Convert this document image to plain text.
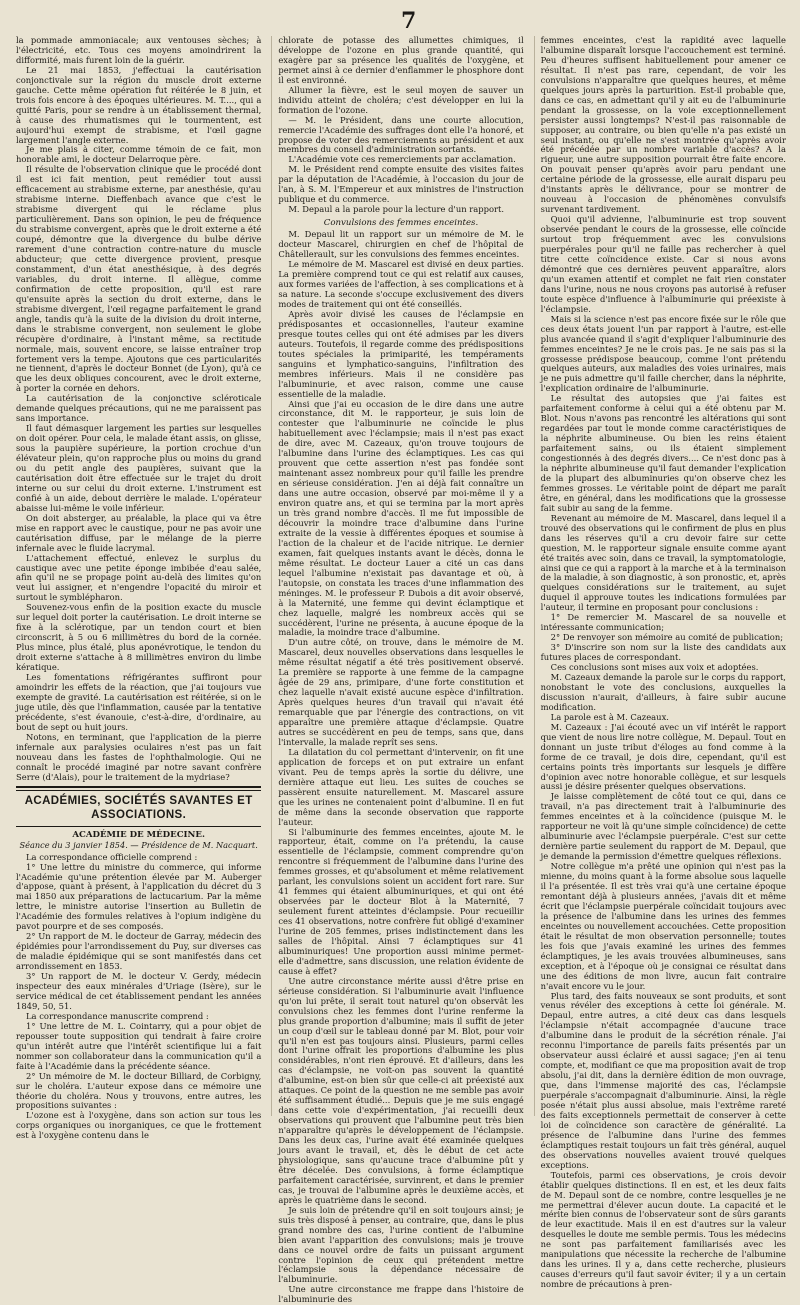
7

la pommade ammoniacale; aux ventouses sèches; à l'électricité, etc. Tous ces moyens amoindrirent la difformité, mais furent loin de la guérir.

Le 21 mai 1853, j'effectuai la cautérisation conjonctivale sur la région du muscle droit externe gauche. Cette même opération fut réitérée le 8 juin, et trois fois encore à des époques ultérieures. M. T...., qui a quitté Paris, pour se rendre à un établissement thermal, à cause des rhumatismes qui le tourmentent, est aujourd'hui exempt de strabisme, et l'œil gagne largement l'angle externe.

Je me plais à citer, comme témoin de ce fait, mon honorable ami, le docteur Delarroque père.

Il résulte de l'observation clinique que le procédé dont il est ici fait mention, peut remédier tout aussi efficacement au strabisme externe, par anesthésie, qu'au strabisme interne. Dieffenbach avance que c'est le strabisme divergent qui le réclame plus particulièrement. Dans son opinion, le peu de fréquence du strabisme convergent, après que le droit externe a été coupé, démontre que la divergence du bulbe dérive rarement d'une contraction contre-nature du muscle abducteur; que cette divergence provient, presque constamment, d'un état anesthésique, à des degrés variables, du droit interne. Il allègue, comme confirmation de cette proposition, qu'il est rare qu'ensuite après la section du droit externe, dans le strabisme divergent, l'œil regagne parfaitement le grand angle, tandis qu'à la suite de la division du droit interne, dans le strabisme convergent, non seulement le globe récupère d'ordinaire, à l'instant même, sa rectitude normale, mais, souvent encore, se laisse entraîner trop fortement vers la tempe. Ajoutons que ces particularités ne tiennent, d'après le docteur Bonnet (de Lyon), qu'à ce que les deux obliques concourent, avec le droit externe, à porter la cornée en dehors.

La cautérisation de la conjonctive scléroticale demande quelques précautions, qui ne me paraissent pas sans importance.

Il faut démasquer largement les parties sur lesquelles on doit opérer. Pour cela, le malade étant assis, on glisse, sous la paupière supérieure, la portion crochue d'un élévateur plein, qu'on rapproche plus ou moins du grand ou du petit angle des paupières, suivant que la cautérisation doit être effectuée sur le trajet du droit interne ou sur celui du droit externe. L'instrument est confié à un aide, debout derrière le malade. L'opérateur abaisse lui-même le voile inférieur.

On doit absterger, au préalable, la place qui va être mise en rapport avec le caustique, pour ne pas avoir une cautérisation diffuse, par le mélange de la pierre infernale avec le fluide lacrymal.

L'attachement effectué, enlevez le surplus du caustique avec une petite éponge imbibée d'eau salée, afin qu'il ne se propage point au-delà des limites qu'on veut lui assigner, et n'engendre l'opacité du miroir et surtout le symblépharon.

Souvenez-vous enfin de la position exacte du muscle sur lequel doit porter la cautérisation. Le droit interne se fixe à la sclérotique, par un tendon court et bien circonscrit, à 5 ou 6 millimètres du bord de la cornée. Plus mince, plus étalé, plus aponévrotique, le tendon du droit externe s'attache à 8 millimètres environ du limbe kératique.

Les fomentations réfrigérantes suffiront pour amoindrir les effets de la réaction, que j'ai toujours vue exempte de gravité. La cautérisation est réitérée, si on le juge utile, dès que l'inflammation, causée par la tentative précédente, s'est évanouie, c'est-à-dire, d'ordinaire, au bout de sept ou huit jours.

Notons, en terminant, que l'application de la pierre infernale aux paralysies oculaires n'est pas un fait nouveau dans les fastes de l'ophthalmologie. Qui ne connaît le procédé imaginé par notre savant confrère Serre (d'Alais), pour le traitement de la mydriase?

ACADÉMIES, SOCIÉTÉS SAVANTES ET ASSOCIATIONS.
ACADÉMIE DE MÉDECINE.
Séance du 3 janvier 1854. — Présidence de M. Nacquart.

La correspondance officielle comprend :

1° Une lettre du ministre du commerce, qui informe l'Académie qu'une prétention élevée par M. Auberger d'appose, quant à présent, à l'application du décret du 3 mai 1850 aux préparations de lactucarium. Par la même lettre, le ministre autorise l'insertion au Bulletin de l'Académie des formules relatives à l'opium indigène du pavot pourpre et de ses composés.

2° Un rapport de M. le docteur de Garray, médecin des épidémies pour l'arrondissement du Puy, sur diverses cas de maladie épidémique qui se sont manifestés dans cet arrondissement en 1853.

3° Un rapport de M. le docteur V. Gerdy, médecin inspecteur des eaux minérales d'Uriage (Isère), sur le service médical de cet établissement pendant les années 1849, 50, 51.

La correspondance manuscrite comprend :

1° Une lettre de M. L. Cointarry, qui a pour objet de repousser toute supposition qui tendrait à faire croire qu'un intérêt autre que l'intérêt scientifique lui a fait nommer son collaborateur dans la communication qu'il a faite à l'Académie dans la précédente séance.

2° Un mémoire de M. le docteur Billiard, de Corbigny, sur le choléra. L'auteur expose dans ce mémoire une théorie du choléra. Nous y trouvons, entre autres, les propositions suivantes :

L'ozone est à l'oxygène, dans son action sur tous les corps organiques ou inorganiques, ce que le frottement est à l'oxygène contenu dans le

chlorate de potasse des allumettes chimiques, il développe de l'ozone en plus grande quantité, qui exagère par sa présence les qualités de l'oxygène, et permet ainsi à ce dernier d'enflammer le phosphore dont il est environné.

Allumer la fièvre, est le seul moyen de sauver un individu atteint de choléra; c'est développer en lui la formation de l'ozone.

— M. le Président, dans une courte allocution, remercie l'Académie des suffrages dont elle l'a honoré, et propose de voter des remerciements au président et aux membres du conseil d'administration sortants.

L'Académie vote ces remerciements par acclamation.

M. le Président rend compte ensuite des visites faites par la députation de l'Académie, à l'occasion du jour de l'an, à S. M. l'Empereur et aux ministres de l'instruction publique et du commerce.

M. Depaul a la parole pour la lecture d'un rapport.

Convulsions des femmes enceintes.

M. Depaul lit un rapport sur un mémoire de M. le docteur Mascarel, chirurgien en chef de l'hôpital de Châtellerault, sur les convulsions des femmes enceintes.

Le mémoire de M. Mascarel est divisé en deux parties. La première comprend tout ce qui est relatif aux causes, aux formes variées de l'affection, à ses complications et à sa nature. La seconde s'occupe exclusivement des divers modes de traitement qui ont été conseillés.

Après avoir divisé les causes de l'éclampsie en prédisposantes et occasionnelles, l'auteur examine presque toutes celles qui ont été admises par les divers auteurs. Toutefois, il regarde comme des prédispositions toutes spéciales la primiparité, les tempéraments sanguins et lymphatico-sanguins, l'infiltration des membres inférieurs. Mais il ne considère pas l'albuminurie, et avec raison, comme une cause essentielle de la maladie.

Ainsi que j'ai eu occasion de le dire dans une autre circonstance, dit M. le rapporteur, je suis loin de contester que l'albuminurie ne coïncide le plus habituellement avec l'éclampsie; mais il n'est pas exact de dire, avec M. Cazeaux, qu'on trouve toujours de l'albumine dans l'urine des éclamptiques. Les cas qui prouvent que cette assertion n'est pas fondée sont maintenant assez nombreux pour qu'il faille les prendre en sérieuse considération. J'en ai déjà fait connaître un dans une autre occasion, observé par moi-même il y a environ quatre ans, et qui se termina par la mort après un très grand nombre d'accès. Il me fut impossible de découvrir la moindre trace d'albumine dans l'urine extraite de la vessie à différentes époques et soumise à l'action de la chaleur et de l'acide nitrique. Le dernier examen, fait quelques instants avant le décès, donna le même résultat. Le docteur Lauer a cité un cas dans lequel l'albumine n'existait pas davantage et où, à l'autopsie, on constata les traces d'une inflammation des méninges. M. le professeur P. Dubois a dit avoir observé, à la Maternité, une femme qui devint éclamptique et chez laquelle, malgré les nombreux accès qui se succédèrent, l'urine ne présenta, à aucune époque de la maladie, la moindre trace d'albumine.

D'un autre côté, on trouve, dans le mémoire de M. Mascarel, deux nouvelles observations dans lesquelles le même résultat négatif a été très positivement observé. La première se rapporte à une femme de la campagne âgée de 29 ans, primipare, d'une forte constitution et chez laquelle n'avait existé aucune espèce d'infiltration. Après quelques heures d'un travail qui n'avait été remarquable que par l'énergie des contractions, on vit apparaître une première attaque d'éclampsie. Quatre autres se succédèrent en peu de temps, sans que, dans l'intervalle, la malade reprît ses sens.

La dilatation du col permettant d'intervenir, on fit une application de forceps et on put extraire un enfant vivant. Peu de temps après la sortie du délivre, une dernière attaque eut lieu. Les suites de couches se passèrent ensuite naturellement. M. Mascarel assure que les urines ne contenaient point d'albumine. Il en fut de même dans la seconde observation que rapporte l'auteur.

Si l'albuminurie des femmes enceintes, ajoute M. le rapporteur, était, comme on l'a prétendu, la cause essentielle de l'éclampsie, comment comprendre qu'on rencontre si fréquemment de l'albumine dans l'urine des femmes grosses, et qu'absolument et même relativement parlant, les convulsions soient un accident fort rare. Sur 41 femmes qui étaient albuminuriques, et qui ont été observées par le docteur Blot à la Maternité, 7 seulement furent atteintes d'éclampsie. Pour recueillir ces 41 observations, notre confrère fut obligé d'examiner l'urine de 205 femmes, prises indistinctement dans les salles de l'hôpital. Ainsi 7 éclamptiques sur 41 albuminuriques! Une proportion aussi minime permet-elle d'admettre, sans discussion, une relation évidente de cause à effet?

Une autre circonstance mérite aussi d'être prise en sérieuse considération. Si l'albuminurie avait l'influence qu'on lui prête, il serait tout naturel qu'on observât les convulsions chez les femmes dont l'urine renferme la plus grande proportion d'albumine; mais il suffit de jeter un coup d'œil sur le tableau donné par M. Blot, pour voir qu'il n'en est pas toujours ainsi. Plusieurs, parmi celles dont l'urine offrait les proportions d'albumine les plus considérables, n'ont rien éprouvé. Et d'ailleurs, dans les cas d'éclampsie, ne voit-on pas souvent la quantité d'albumine, est-on bien sûr que celle-ci ait préexisté aux attaques. Ce point de la question ne me semble pas avoir été suffisamment étudié... Depuis que je me suis engagé dans cette voie d'expérimentation, j'ai recueilli deux observations qui prouvent que l'albumine peut très bien n'apparaître qu'après le développement de l'éclampsie. Dans les deux cas, l'urine avait été examinée quelques jours avant le travail, et, dès le début de cet acte physiologique, sans qu'aucune trace d'albumine pût y être décelée. Des convulsions, à forme éclamptique parfaitement caractérisée, survinrent, et dans le premier cas, je trouvai de l'albumine après le deuxième accès, et après le quatrième dans le second.

Je suis loin de prétendre qu'il en soit toujours ainsi; je suis très disposé à penser, au contraire, que, dans le plus grand nombre des cas, l'urine contient de l'albumine bien avant l'apparition des convulsions; mais je trouve dans ce nouvel ordre de faits un puissant argument contre l'opinion de ceux qui prétendent mettre l'éclampsie sous la dépendance nécessaire de l'albuminurie.

Une autre circonstance me frappe dans l'histoire de l'albuminurie des

femmes enceintes, c'est la rapidité avec laquelle l'albumine disparaît lorsque l'accouchement est terminé. Peu d'heures suffisent habituellement pour amener ce résultat. Il n'est pas rare, cependant, de voir les convulsions n'apparaître que quelques heures, et même quelques jours après la parturition. Est-il probable que, dans ce cas, en admettant qu'il y ait eu de l'albuminurie pendant la grossesse, on la voie exceptionnellement persister aussi longtemps? N'est-il pas raisonnable de supposer, au contraire, ou bien qu'elle n'a pas existé un seul instant, ou qu'elle ne s'est montrée qu'après avoir été précédée par un nombre variable d'accès? A la rigueur, une autre supposition pourrait être faite encore. On pouvait penser qu'après avoir paru pendant une certaine période de la grossesse, elle aurait disparu peu d'instants après le délivrance, pour se montrer de nouveau à l'occasion de phénomènes convulsifs survenant tardivement.

Quoi qu'il advienne, l'albuminurie est trop souvent observée pendant le cours de la grossesse, elle coïncide surtout trop fréquemment avec les convulsions puerpérales pour qu'il ne faille pas rechercher à quel titre cette coïncidence existe. Car si nous avons démontré que ces dernières peuvent apparaître, alors qu'un examen attentif et complet ne fait rien constater dans l'urine, nous ne nous croyons pas autorisé à refuser toute espèce d'influence à l'albuminurie qui préexiste à l'éclampsie.

Mais si la science n'est pas encore fixée sur le rôle que ces deux états jouent l'un par rapport à l'autre, est-elle plus avancée quand il s'agit d'expliquer l'albuminurie des femmes enceintes? Je ne le crois pas. Je ne sais pas si la grossesse prédispose beaucoup, comme l'ont prétendu quelques auteurs, aux maladies des voies urinaires, mais je ne puis admettre qu'il faille chercher, dans la néphrite, l'explication ordinaire de l'albuminurie.

Le résultat des autopsies que j'ai faites est parfaitement conforme à celui qui a été obtenu par M. Blot. Nous n'avons pas rencontré les altérations qui sont regardées par tout le monde comme caractéristiques de la néphrite albumineuse. Ou bien les reins étaient parfaitement sains, ou ils étaient simplement congestionnés à des degrés divers.... Ce n'est donc pas à la néphrite albumineuse qu'il faut demander l'explication de la plupart des albuminuries qu'on observe chez les femmes grosses. Le véritable point de départ me paraît être, en général, dans les modifications que la grossesse fait subir au sang de la femme.

Revenant au mémoire de M. Mascarel, dans lequel il a trouvé des observations qui le confirment de plus en plus dans les réserves qu'il a cru devoir faire sur cette question, M. le rapporteur signale ensuite comme ayant été traités avec soin, dans ce travail, la symptomatologie, ainsi que ce qui a rapport à la marche et à la terminaison de la maladie, à son diagnostic, à son pronostic, et, après quelques considérations sur le traitement, au sujet duquel il approuve toutes les indications formulées par l'auteur, il termine en proposant pour conclusions :

1° De remercier M. Mascarel de sa nouvelle et intéressante communication;

2° De renvoyer son mémoire au comité de publication;

3° D'inscrire son nom sur la liste des candidats aux futures places de correspondant.

Ces conclusions sont mises aux voix et adoptées.

M. Cazeaux demande la parole sur le corps du rapport, nonobstant le vote des conclusions, auxquelles la discussion n'aurait, d'ailleurs, à faire subir aucune modification.

La parole est à M. Cazeaux.

M. Cazeaux : J'ai écouté avec un vif intérêt le rapport que vient de nous lire notre collègue, M. Depaul. Tout en donnant un juste tribut d'éloges au fond comme à la forme de ce travail, je dois dire, cependant, qu'il est certains points très importants sur lesquels je diffère d'opinion avec notre honorable collègue, et sur lesquels aussi je désire présenter quelques observations.

Je laisse complètement de côté tout ce qui, dans ce travail, n'a pas directement trait à l'albuminurie des femmes enceintes et à la coïncidence (puisque M. le rapporteur ne voit là qu'une simple coïncidence) de cette albuminurie avec l'éclampsie puerpérale. C'est sur cette dernière partie seulement du rapport de M. Depaul, que je demande la permission d'émettre quelques réflexions.

Notre collègue m'a prêté une opinion qui n'est pas la mienne, du moins quant à la forme absolue sous laquelle il l'a présentée. Il est très vrai qu'à une certaine époque remontant déjà à plusieurs années, j'avais dit et même écrit que l'éclampsie puerpérale coïncidait toujours avec la présence de l'albumine dans les urines des femmes enceintes ou nouvellement accouchées. Cette proposition était le résultat de mon observation personnelle; toutes les fois que j'avais examiné les urines des femmes éclamptiques, je les avais trouvées albumineuses, sans exception, et à l'époque où je consignai ce résultat dans une des éditions de mon livre, aucun fait contraire n'avait encore vu le jour.

Plus tard, des faits nouveaux se sont produits, et sont venus révéler des exceptions à cette loi générale. M. Depaul, entre autres, a cité deux cas dans lesquels l'éclampsie n'était accompagnée d'aucune trace d'albumine dans le produit de la sécrétion rénale. J'ai reconnu l'importance de pareils faits présentés par un observateur aussi éclairé et aussi sagace; j'en ai tenu compte, et, modifiant ce que ma proposition avait de trop absolu, j'ai dit, dans la dernière édition de mon ouvrage, que, dans l'immense majorité des cas, l'éclampsie puerpérale s'accompagnait d'albuminurie. Ainsi, la règle posée n'était plus aussi absolue, mais l'extrême rareté des faits exceptionnels permettait de conserver à cette loi de coïncidence son caractère de généralité. La présence de l'albumine dans l'urine des femmes éclamptiques restait toujours un fait très général, auquel des observations nouvelles avaient trouvé quelques exceptions.

Toutefois, parmi ces observations, je crois devoir établir quelques distinctions. Il en est, et les deux faits de M. Depaul sont de ce nombre, contre lesquelles je ne me permettrai d'élever aucun doute. La capacité et le mérite bien connus de l'observateur sont de sûrs garants de leur exactitude. Mais il en est d'autres sur la valeur desquelles le doute me semble permis. Tous les médecins ne sont pas parfaitement familiarisés avec les manipulations que nécessite la recherche de l'albumine dans les urines. Il y a, dans cette recherche, plusieurs causes d'erreurs qu'il faut savoir éviter; il y a un certain nombre de précautions à pren-
